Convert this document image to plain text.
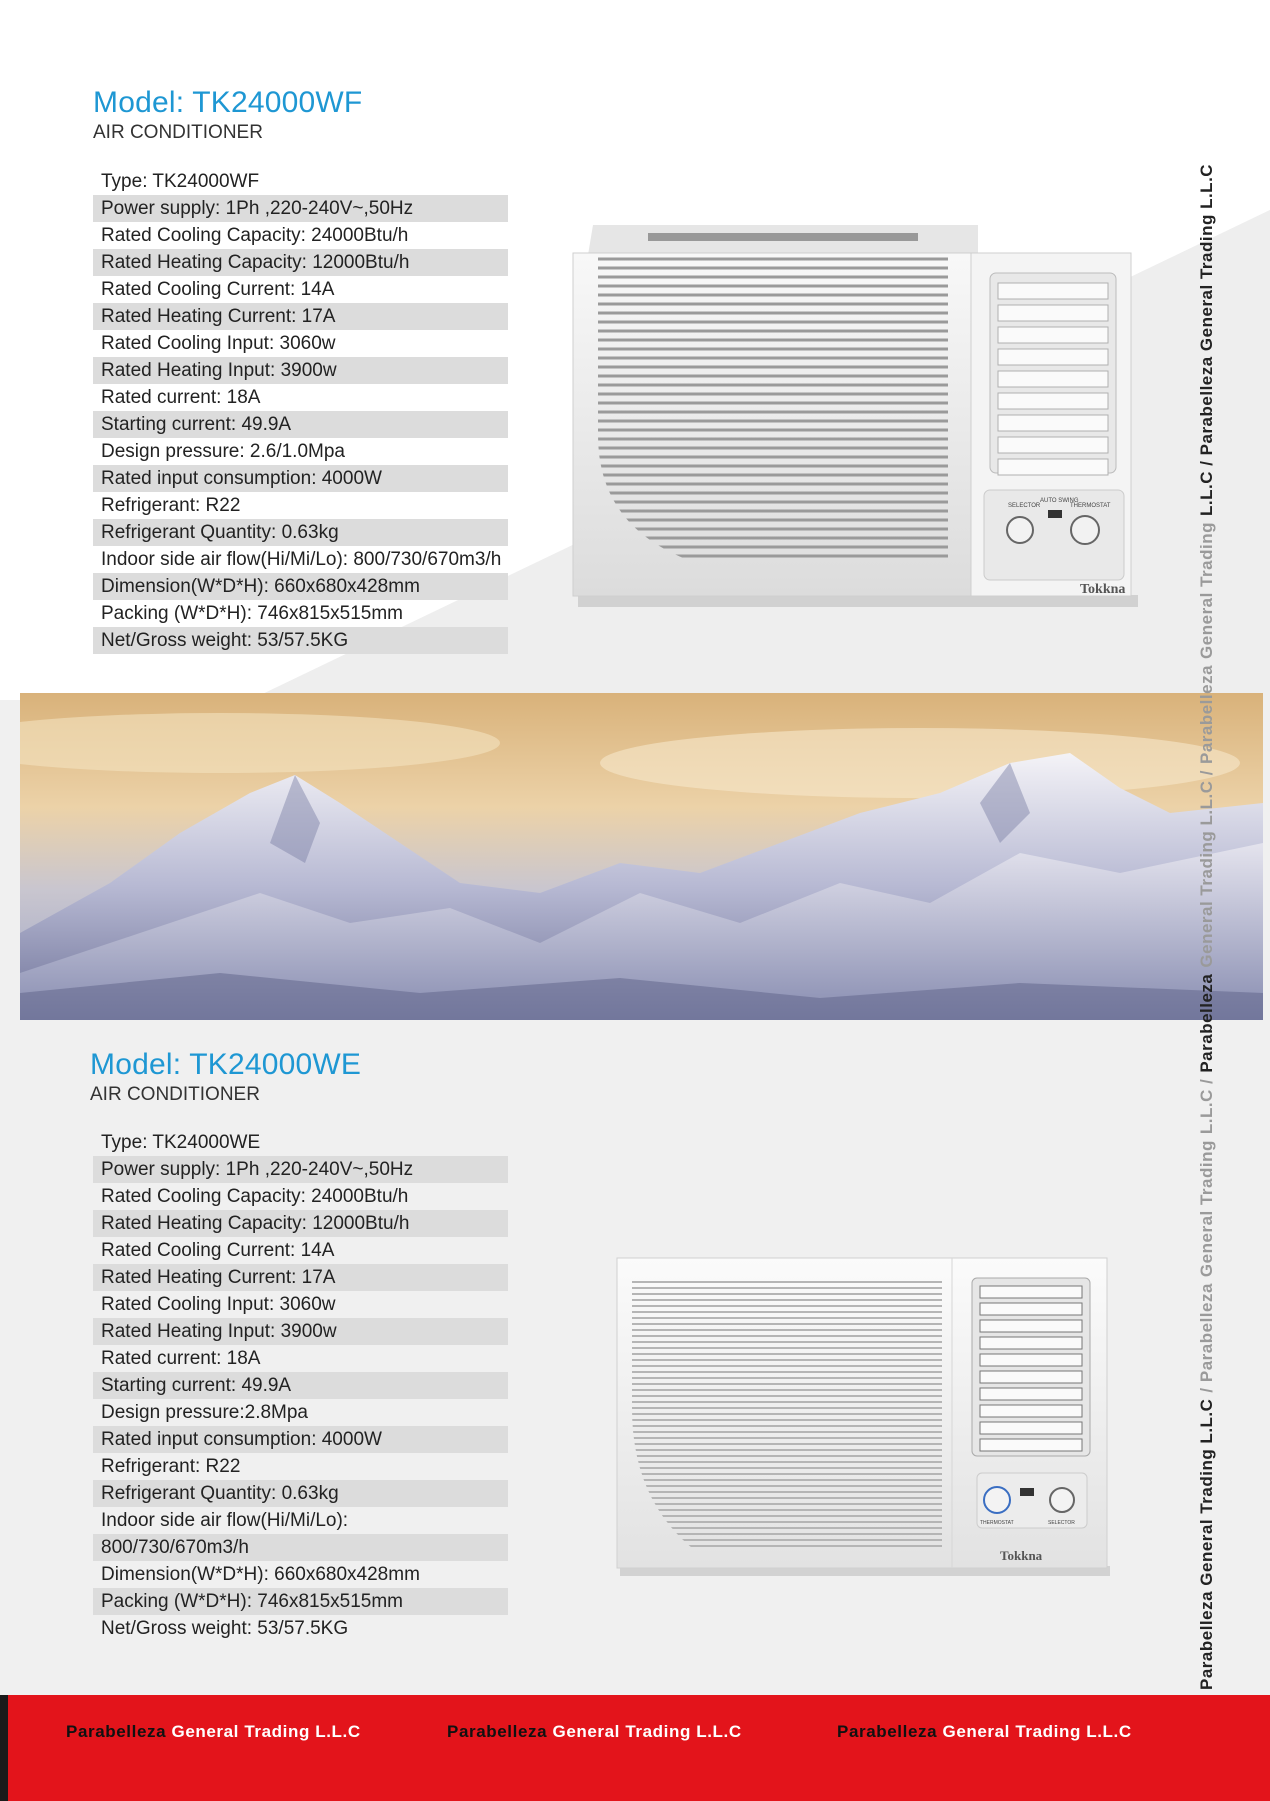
Model: TK24000WF
AIR CONDITIONER
Type: TK24000WF
Power supply: 1Ph ,220-240V~,50Hz
Rated Cooling Capacity: 24000Btu/h
Rated Heating Capacity: 12000Btu/h
Rated Cooling Current: 14A
Rated Heating Current: 17A
Rated Cooling Input: 3060w
Rated Heating Input: 3900w
Rated current: 18A
Starting current: 49.9A
Design pressure: 2.6/1.0Mpa
Rated input consumption: 4000W
Refrigerant: R22
Refrigerant Quantity: 0.63kg
Indoor side air flow(Hi/Mi/Lo): 800/730/670m3/h
Dimension(W*D*H): 660x680x428mm
Packing (W*D*H): 746x815x515mm
Net/Gross weight: 53/57.5KG
SELECTOR
AUTO SWING
THERMOSTAT
Tokkna
Model: TK24000WE
AIR CONDITIONER
Type: TK24000WE
Power supply: 1Ph ,220-240V~,50Hz
Rated Cooling Capacity: 24000Btu/h
Rated Heating Capacity: 12000Btu/h
Rated Cooling Current: 14A
Rated Heating Current: 17A
Rated Cooling Input: 3060w
Rated Heating Input: 3900w
Rated current: 18A
Starting current: 49.9A
Design pressure:2.8Mpa
Rated input consumption: 4000W
Refrigerant: R22
Refrigerant Quantity: 0.63kg
Indoor side air flow(Hi/Mi/Lo):
800/730/670m3/h
Dimension(W*D*H): 660x680x428mm
Packing (W*D*H): 746x815x515mm
Net/Gross weight: 53/57.5KG
THERMOSTAT	SELECTOR
Tokkna	Parabelleza General Trading L.L.C/ ParabellezaGeneral TradingL.L.C /ParabellezaGeneral Trading L.L.C /ParabellezaGeneral TradingL.L.C / Parabelleza General Trading L.L.C
Parabelleza General Trading L.L.C	Parabelleza General Trading L.L.C	Parabelleza General Trading L.L.C
